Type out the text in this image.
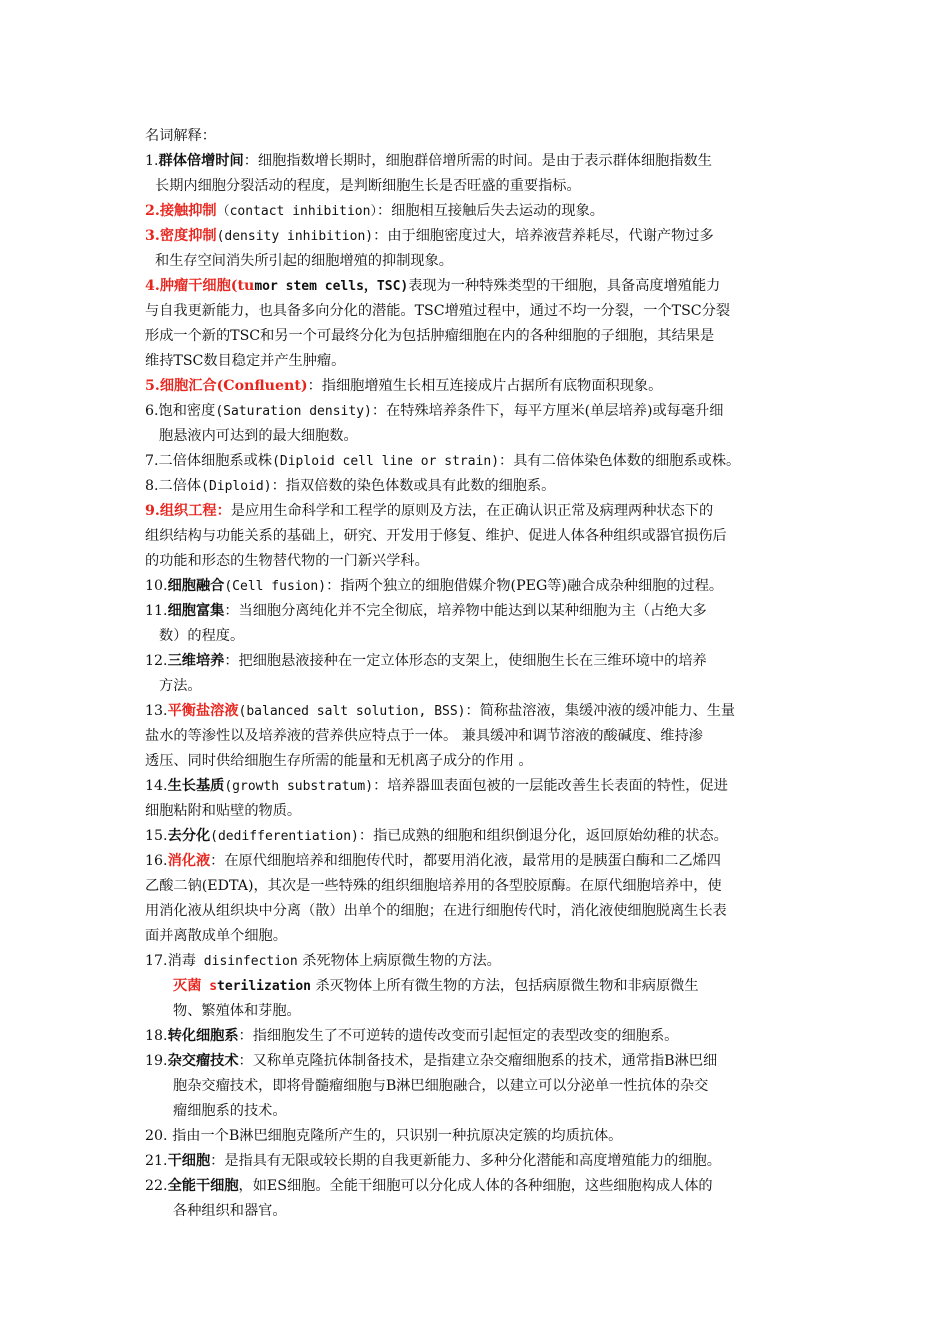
名词解释：
1.群体倍增时间：细胞指数增长期时，细胞群倍增所需的时间。是由于表示群体细胞指数生
长期内细胞分裂活动的程度，是判断细胞生长是否旺盛的重要指标。
2.接触抑制（contact inhibition）：细胞相互接触后失去运动的现象。
3.密度抑制(density inhibition)：由于细胞密度过大，培养液营养耗尽，代谢产物过多
和生存空间消失所引起的细胞增殖的抑制现象。
4.肿瘤干细胞(tumor stem cells，TSC)表现为一种特殊类型的干细胞，具备高度增殖能力
与自我更新能力，也具备多向分化的潜能。TSC增殖过程中，通过不均一分裂，一个TSC分裂
形成一个新的TSC和另一个可最终分化为包括肿瘤细胞在内的各种细胞的子细胞，其结果是
维持TSC数目稳定并产生肿瘤。
5.细胞汇合(Confluent)：指细胞增殖生长相互连接成片占据所有底物面积现象。
6.饱和密度(Saturation density)：在特殊培养条件下，每平方厘米(单层培养)或每毫升细
胞悬液内可达到的最大细胞数。
7.二倍体细胞系或株(Diploid cell line or strain)：具有二倍体染色体数的细胞系或株。
8.二倍体(Diploid)：指双倍数的染色体数或具有此数的细胞系。
9.组织工程：是应用生命科学和工程学的原则及方法，在正确认识正常及病理两种状态下的
组织结构与功能关系的基础上，研究、开发用于修复、维护、促进人体各种组织或器官损伤后
的功能和形态的生物替代物的一门新兴学科。
10.细胞融合(Cell fusion)：指两个独立的细胞借媒介物(PEG等)融合成杂种细胞的过程。
11.细胞富集：当细胞分离纯化并不完全彻底，培养物中能达到以某种细胞为主（占绝大多
数）的程度。
12.三维培养：把细胞悬液接种在一定立体形态的支架上，使细胞生长在三维环境中的培养
方法。
13.平衡盐溶液(balanced salt solution, BSS)：简称盐溶液，集缓冲液的缓冲能力、生量
盐水的等渗性以及培养液的营养供应特点于一体。 兼具缓冲和调节溶液的酸碱度、维持渗
透压、同时供给细胞生存所需的能量和无机离子成分的作用 。
14.生长基质(growth substratum)：培养器皿表面包被的一层能改善生长表面的特性，促进
细胞粘附和贴壁的物质。
15.去分化(dedifferentiation)：指已成熟的细胞和组织倒退分化，返回原始幼稚的状态。
16.消化液：在原代细胞培养和细胞传代时，都要用消化液，最常用的是胰蛋白酶和二乙烯四
乙酸二钠(EDTA)，其次是一些特殊的组织细胞培养用的各型胶原酶。在原代细胞培养中，使
用消化液从组织块中分离（散）出单个的细胞；在进行细胞传代时，消化液使细胞脱离生长表
面并离散成单个细胞。
17.消毒 disinfection 杀死物体上病原微生物的方法。
灭菌 sterilization 杀灭物体上所有微生物的方法，包括病原微生物和非病原微生
物、繁殖体和芽胞。
18.转化细胞系：指细胞发生了不可逆转的遗传改变而引起恒定的表型改变的细胞系。
19.杂交瘤技术：又称单克隆抗体制备技术，是指建立杂交瘤细胞系的技术，通常指B淋巴细
胞杂交瘤技术，即将骨髓瘤细胞与B淋巴细胞融合，以建立可以分泌单一性抗体的杂交
瘤细胞系的技术。
20. 指由一个B淋巴细胞克隆所产生的，只识别一种抗原决定簇的均质抗体。
21.干细胞：是指具有无限或较长期的自我更新能力、多种分化潜能和高度增殖能力的细胞。
22.全能干细胞，如ES细胞。全能干细胞可以分化成人体的各种细胞，这些细胞构成人体的
各种组织和器官。
